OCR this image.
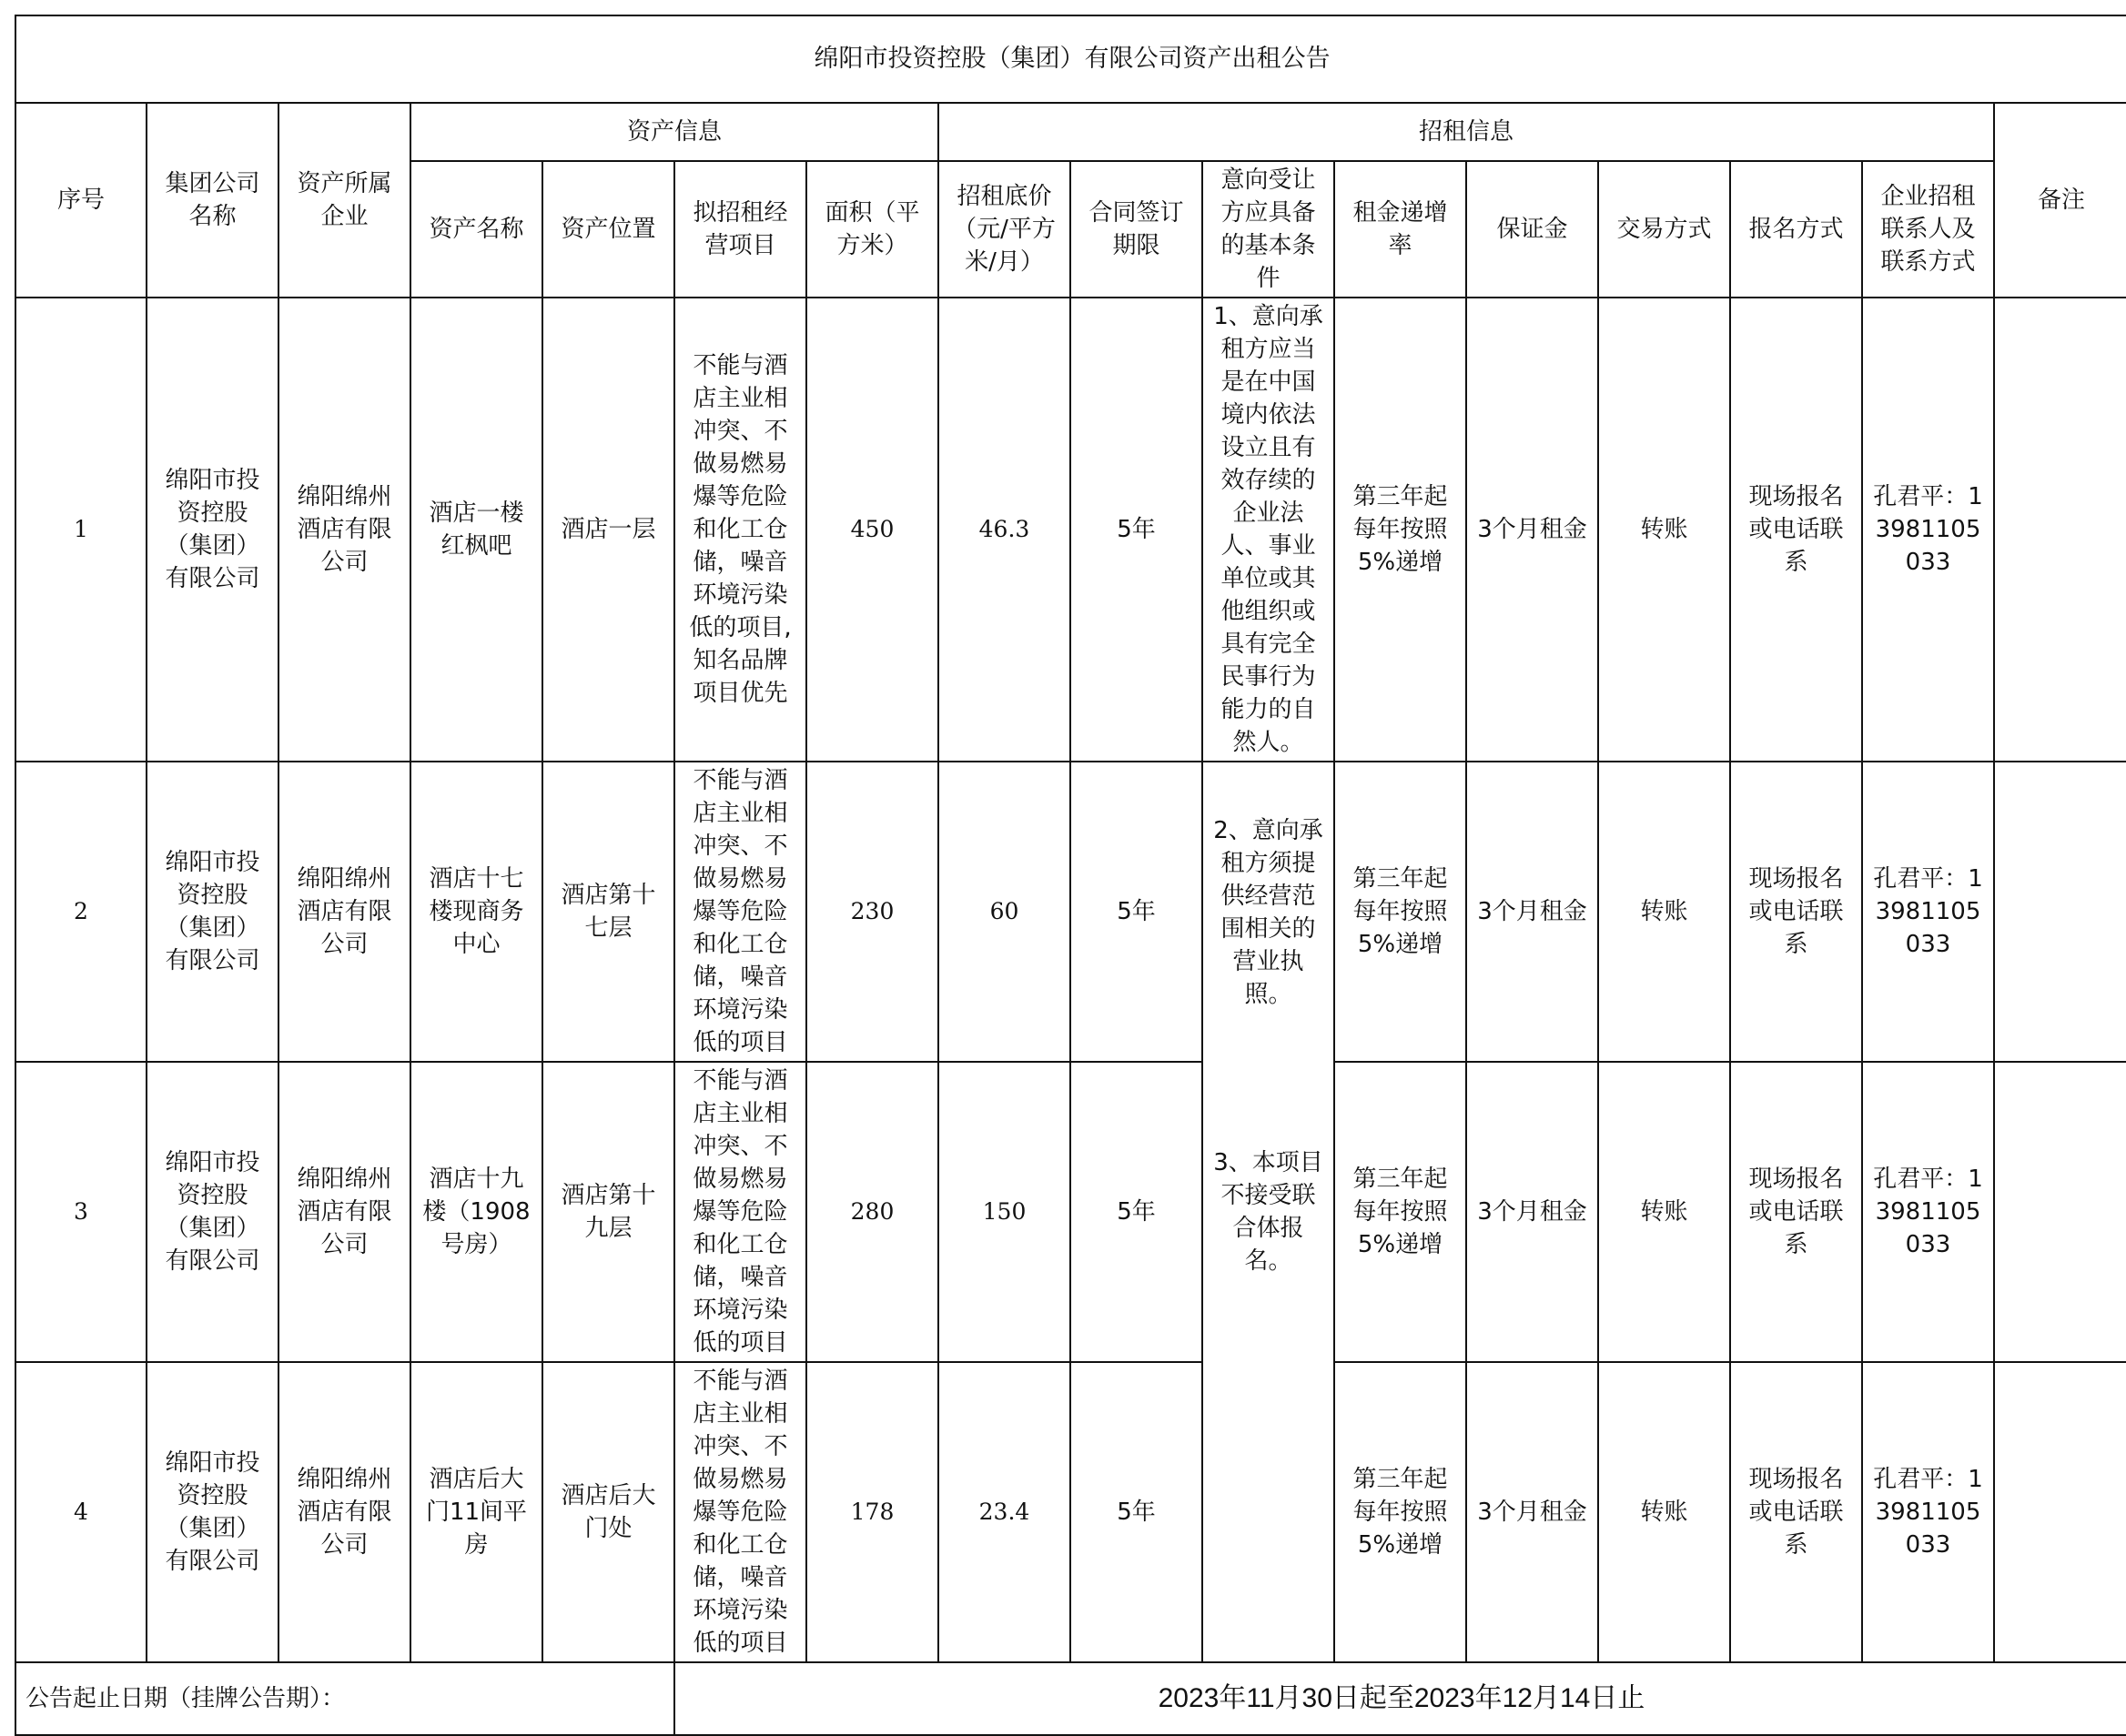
绵阳市投资控股（集团）有限公司资产出租公告															
序号	集团公司名称	资产所属企业	资产信息				招租信息								备注
			资产名称	资产位置	拟招租经营项目	面积（平方米）	招租底价（元/平方米/月）	合同签订期限	意向受让方应具备的基本条件	租金递增率	保证金	交易方式	报名方式	企业招租联系人及联系方式	
1	绵阳市投资控股（集团）有限公司	绵阳绵州酒店有限公司	酒店一楼红枫吧	酒店一层	不能与酒店主业相冲突、不做易燃易爆等危险和化工仓储，噪音环境污染低的项目,知名品牌项目优先	450	46.3	5年	1、意向承租方应当是在中国境内依法设立且有效存续的企业法人、事业单位或其他组织或具有完全民事行为能力的自然人。	第三年起每年按照5%递增	3个月租金	转账	现场报名或电话联系	孔君平：13981105033	
2	绵阳市投资控股（集团）有限公司	绵阳绵州酒店有限公司	酒店十七楼现商务中心	酒店第十七层	不能与酒店主业相冲突、不做易燃易爆等危险和化工仓储，噪音环境污染低的项目	230	60	5年	2、意向承租方须提供经营范围相关的营业执照。	第三年起每年按照5%递增	3个月租金	转账	现场报名或电话联系	孔君平：13981105033	
3	绵阳市投资控股（集团）有限公司	绵阳绵州酒店有限公司	酒店十九楼（1908号房）	酒店第十九层	不能与酒店主业相冲突、不做易燃易爆等危险和化工仓储，噪音环境污染低的项目	280	150	5年	3、本项目不接受联合体报名。	第三年起每年按照5%递增	3个月租金	转账	现场报名或电话联系	孔君平：13981105033	
4	绵阳市投资控股（集团）有限公司	绵阳绵州酒店有限公司	酒店后大门11间平房	酒店后大门处	不能与酒店主业相冲突、不做易燃易爆等危险和化工仓储，噪音环境污染低的项目	178	23.4	5年		第三年起每年按照5%递增	3个月租金	转账	现场报名或电话联系	孔君平：13981105033	
公告起止日期（挂牌公告期）：					2023年11月30日起至2023年12月14日止										
